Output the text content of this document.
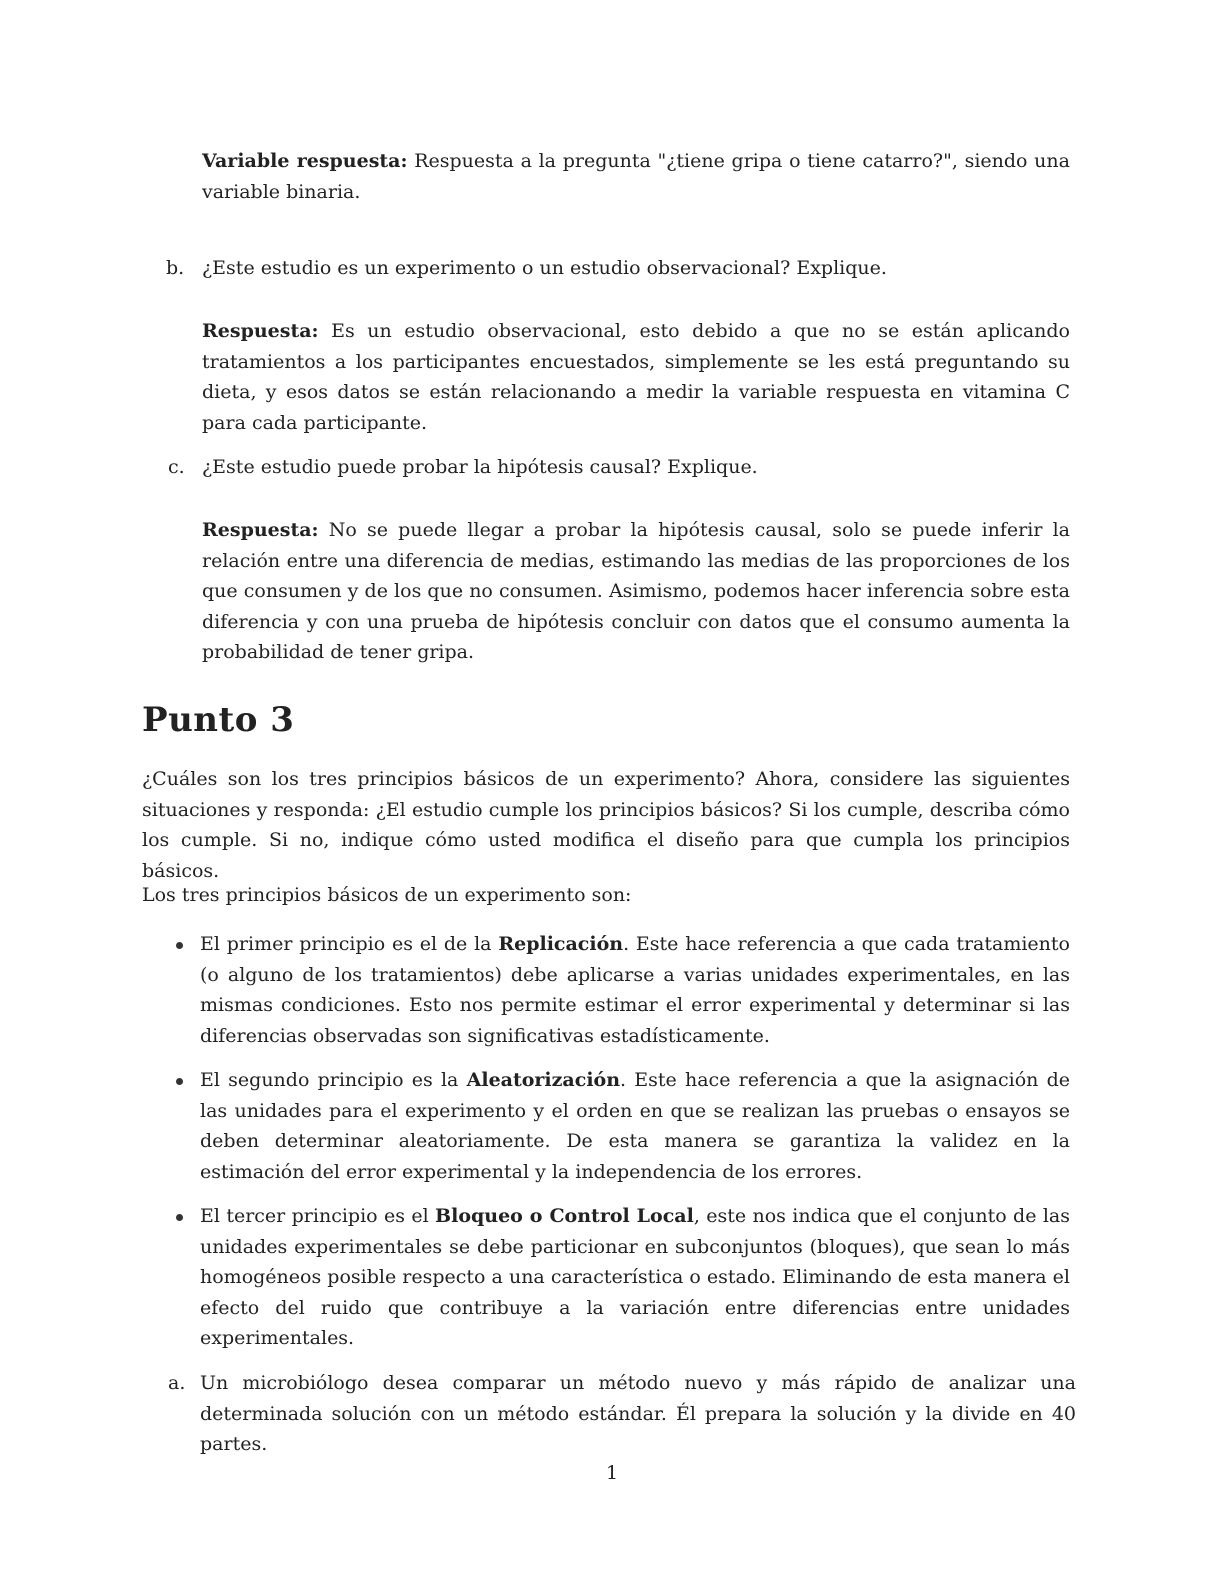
Variable respuesta: Respuesta a la pregunta "¿tiene gripa o tiene catarro?", siendo una variable binaria.

b. ¿Este estudio es un experimento o un estudio observacional? Explique.

Respuesta: Es un estudio observacional, esto debido a que no se están aplicando tratamientos a los participantes encuestados, simplemente se les está preguntando su dieta, y esos datos se están relacionando a medir la variable respuesta en vitamina C para cada participante.

c. ¿Este estudio puede probar la hipótesis causal? Explique.

Respuesta: No se puede llegar a probar la hipótesis causal, solo se puede inferir la relación entre una diferencia de medias, estimando las medias de las proporciones de los que consumen y de los que no consumen. Asimismo, podemos hacer inferencia sobre esta diferencia y con una prueba de hipótesis concluir con datos que el consumo aumenta la probabilidad de tener gripa.

Punto 3

¿Cuáles son los tres principios básicos de un experimento? Ahora, considere las siguientes situaciones y responda: ¿El estudio cumple los principios básicos? Si los cumple, describa cómo los cumple. Si no, indique cómo usted modifica el diseño para que cumpla los principios básicos.

Los tres principios básicos de un experimento son:

El primer principio es el de la Replicación. Este hace referencia a que cada tratamiento (o alguno de los tratamientos) debe aplicarse a varias unidades experimentales, en las mismas condiciones. Esto nos permite estimar el error experimental y determinar si las diferencias observadas son significativas estadísticamente.

El segundo principio es la Aleatorización. Este hace referencia a que la asignación de las unidades para el experimento y el orden en que se realizan las pruebas o ensayos se deben determinar aleatoriamente. De esta manera se garantiza la validez en la estimación del error experimental y la independencia de los errores.

El tercer principio es el Bloqueo o Control Local, este nos indica que el conjunto de las unidades experimentales se debe particionar en subconjuntos (bloques), que sean lo más homogéneos posible respecto a una característica o estado. Eliminando de esta manera el efecto del ruido que contribuye a la variación entre diferencias entre unidades experimentales.

a. Un microbiólogo desea comparar un método nuevo y más rápido de analizar una determinada solución con un método estándar. Él prepara la solución y la divide en 40 partes.

1
